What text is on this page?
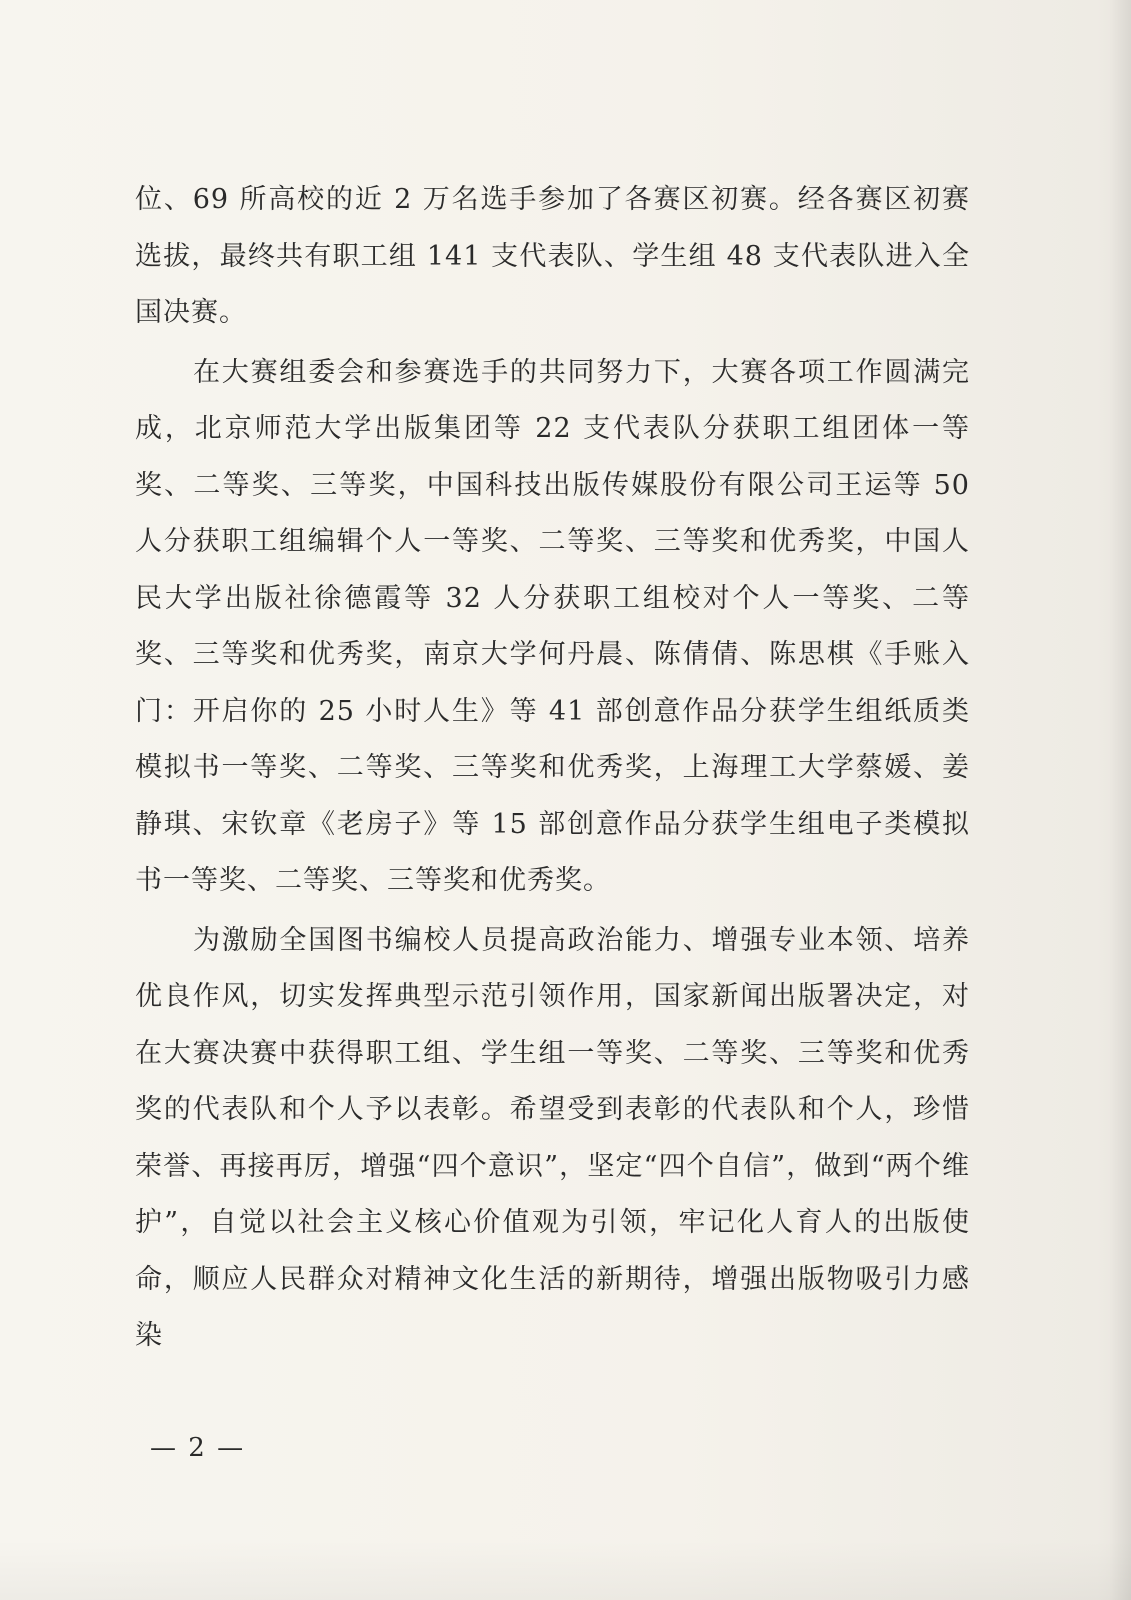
位、69 所高校的近 2 万名选手参加了各赛区初赛。经各赛区初赛选拔，最终共有职工组 141 支代表队、学生组 48 支代表队进入全国决赛。

在大赛组委会和参赛选手的共同努力下，大赛各项工作圆满完成，北京师范大学出版集团等 22 支代表队分获职工组团体一等奖、二等奖、三等奖，中国科技出版传媒股份有限公司王运等 50 人分获职工组编辑个人一等奖、二等奖、三等奖和优秀奖，中国人民大学出版社徐德霞等 32 人分获职工组校对个人一等奖、二等奖、三等奖和优秀奖，南京大学何丹晨、陈倩倩、陈思棋《手账入门：开启你的 25 小时人生》等 41 部创意作品分获学生组纸质类模拟书一等奖、二等奖、三等奖和优秀奖，上海理工大学蔡媛、姜静琪、宋钦章《老房子》等 15 部创意作品分获学生组电子类模拟书一等奖、二等奖、三等奖和优秀奖。

为激励全国图书编校人员提高政治能力、增强专业本领、培养优良作风，切实发挥典型示范引领作用，国家新闻出版署决定，对在大赛决赛中获得职工组、学生组一等奖、二等奖、三等奖和优秀奖的代表队和个人予以表彰。希望受到表彰的代表队和个人，珍惜荣誉、再接再厉，增强“四个意识”，坚定“四个自信”，做到“两个维护”，自觉以社会主义核心价值观为引领，牢记化人育人的出版使命，顺应人民群众对精神文化生活的新期待，增强出版物吸引力感染

— 2 —
